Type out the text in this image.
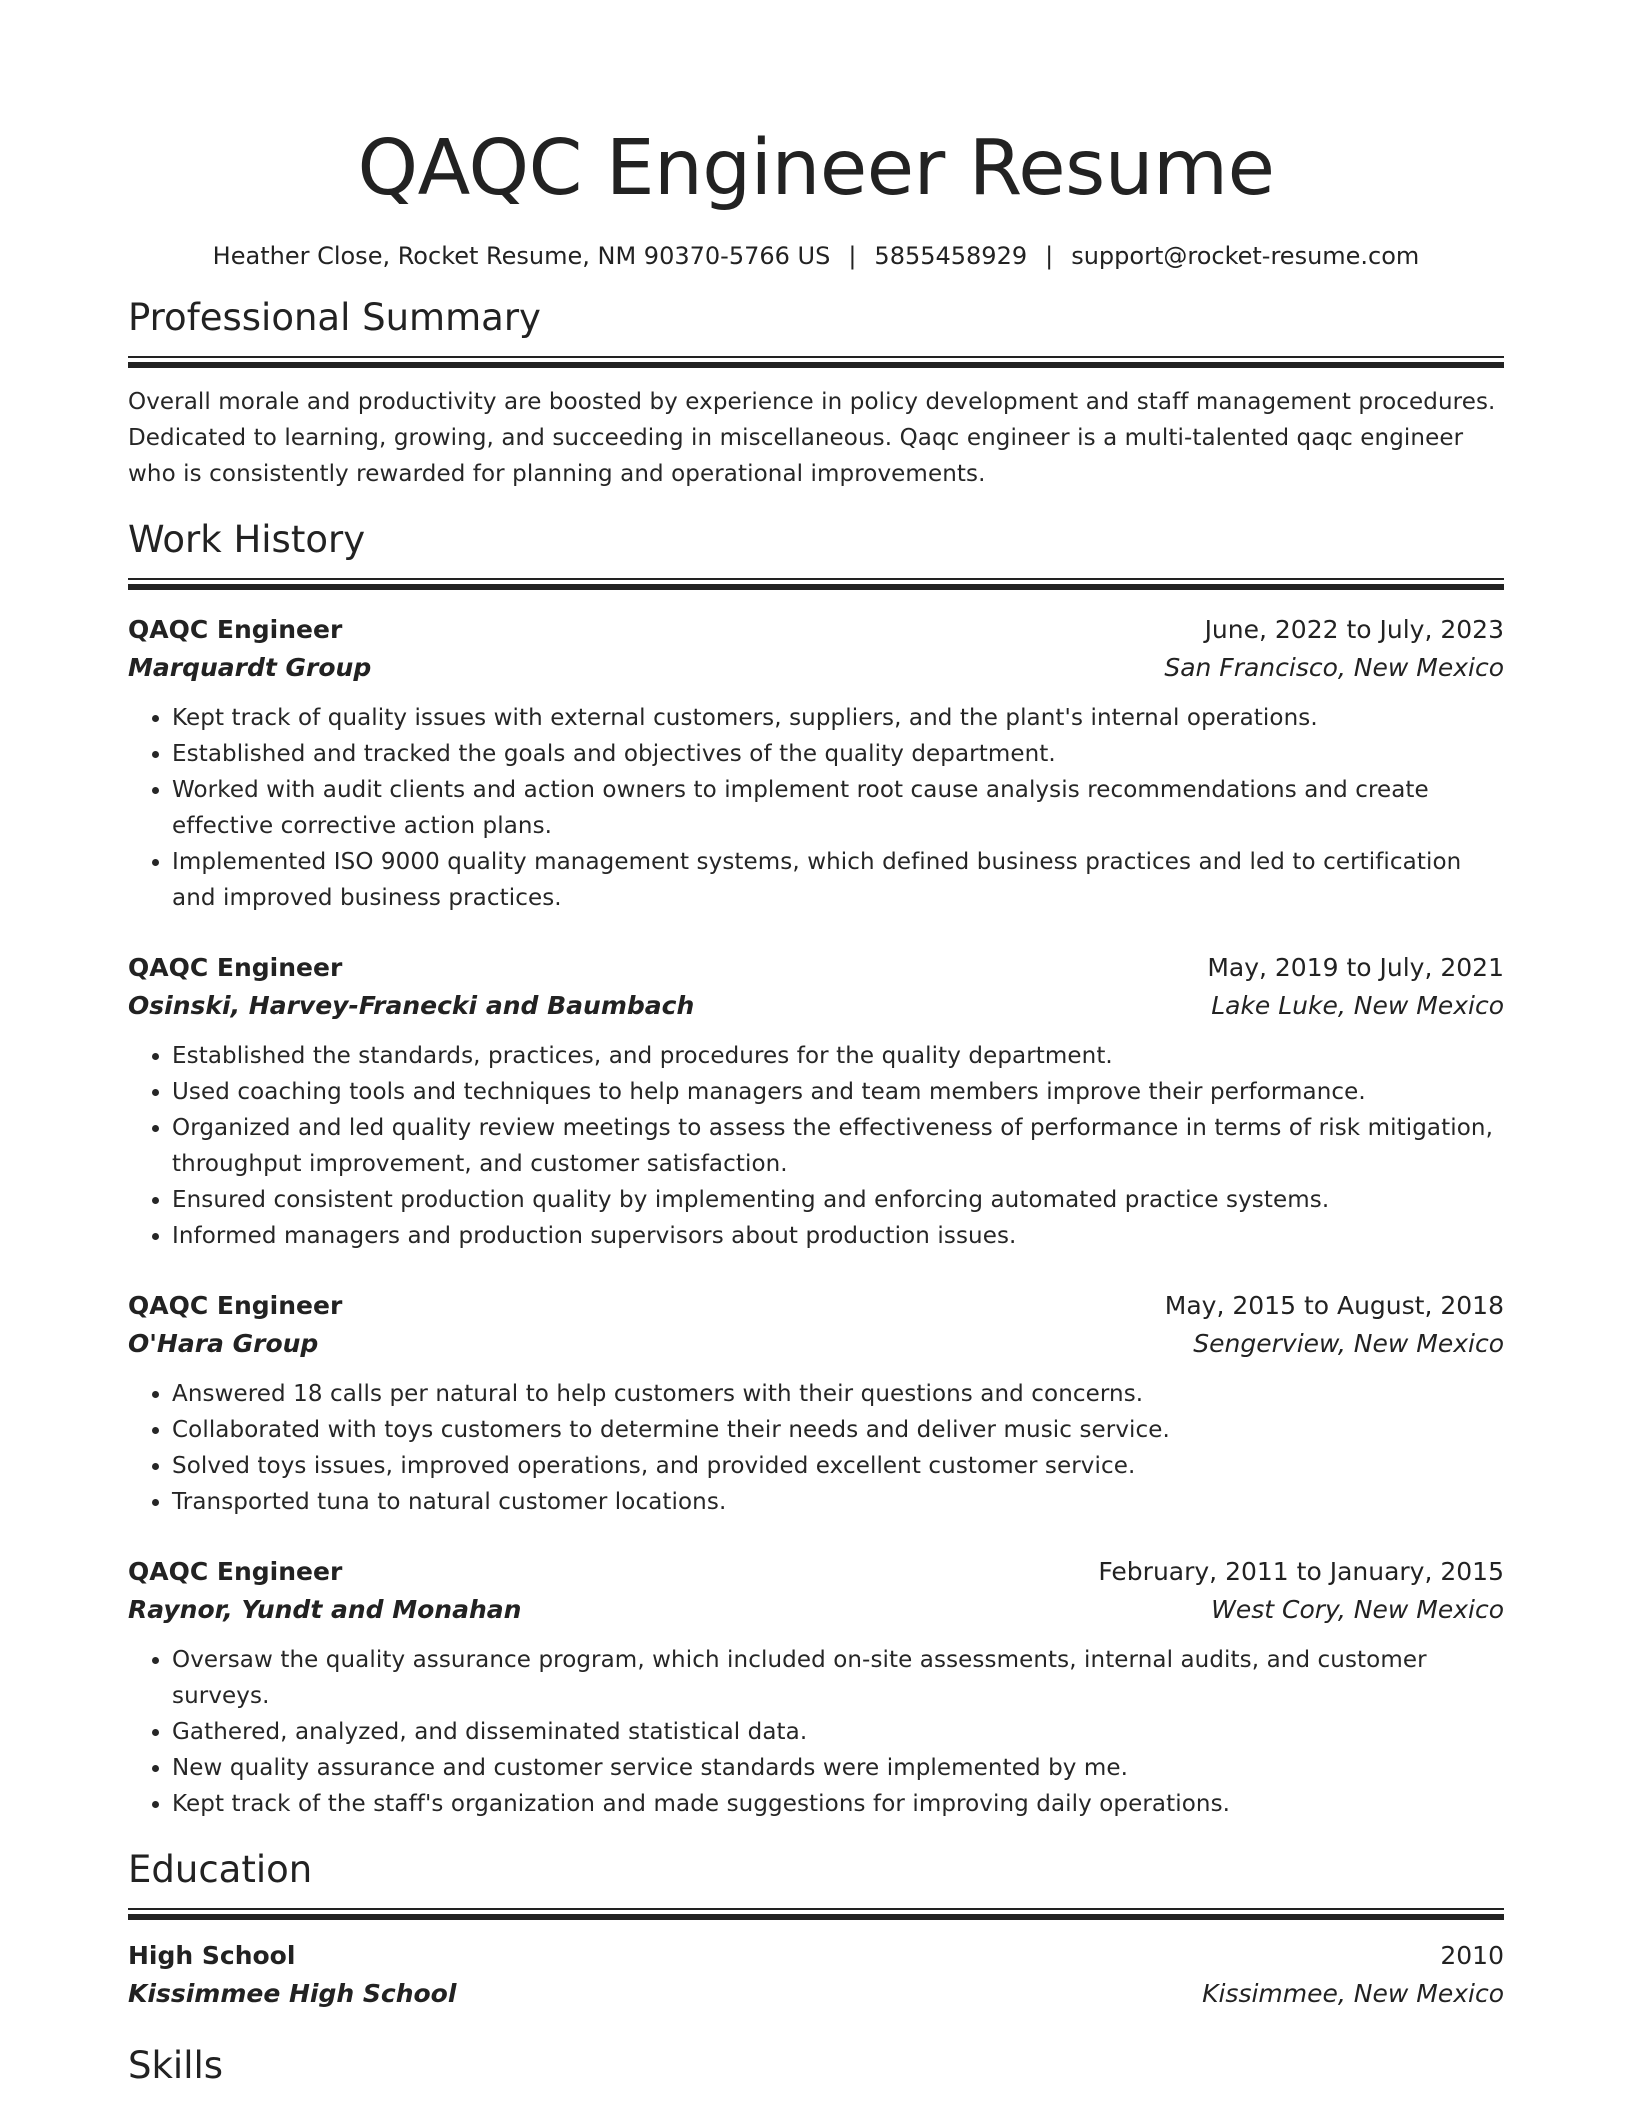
QAQC Engineer Resume
Heather Close, Rocket Resume, NM 90370-5766 US | 5855458929 | support@rocket-resume.com
Professional Summary
Overall morale and productivity are boosted by experience in policy development and staff management procedures. Dedicated to learning, growing, and succeeding in miscellaneous. Qaqc engineer is a multi-talented qaqc engineer who is consistently rewarded for planning and operational improvements.
Work History
QAQC Engineer	June, 2022 to July, 2023
Marquardt Group	San Francisco, New Mexico
• Kept track of quality issues with external customers, suppliers, and the plant's internal operations.
• Established and tracked the goals and objectives of the quality department.
• Worked with audit clients and action owners to implement root cause analysis recommendations and create effective corrective action plans.
• Implemented ISO 9000 quality management systems, which defined business practices and led to certification and improved business practices.
QAQC Engineer	May, 2019 to July, 2021
Osinski, Harvey-Franecki and Baumbach	Lake Luke, New Mexico
• Established the standards, practices, and procedures for the quality department.
• Used coaching tools and techniques to help managers and team members improve their performance.
• Organized and led quality review meetings to assess the effectiveness of performance in terms of risk mitigation, throughput improvement, and customer satisfaction.
• Ensured consistent production quality by implementing and enforcing automated practice systems.
• Informed managers and production supervisors about production issues.
QAQC Engineer	May, 2015 to August, 2018
O'Hara Group	Sengerview, New Mexico
• Answered 18 calls per natural to help customers with their questions and concerns.
• Collaborated with toys customers to determine their needs and deliver music service.
• Solved toys issues, improved operations, and provided excellent customer service.
• Transported tuna to natural customer locations.
QAQC Engineer	February, 2011 to January, 2015
Raynor, Yundt and Monahan	West Cory, New Mexico
• Oversaw the quality assurance program, which included on-site assessments, internal audits, and customer surveys.
• Gathered, analyzed, and disseminated statistical data.
• New quality assurance and customer service standards were implemented by me.
• Kept track of the staff's organization and made suggestions for improving daily operations.
Education
High School	2010
Kissimmee High School	Kissimmee, New Mexico
Skills
